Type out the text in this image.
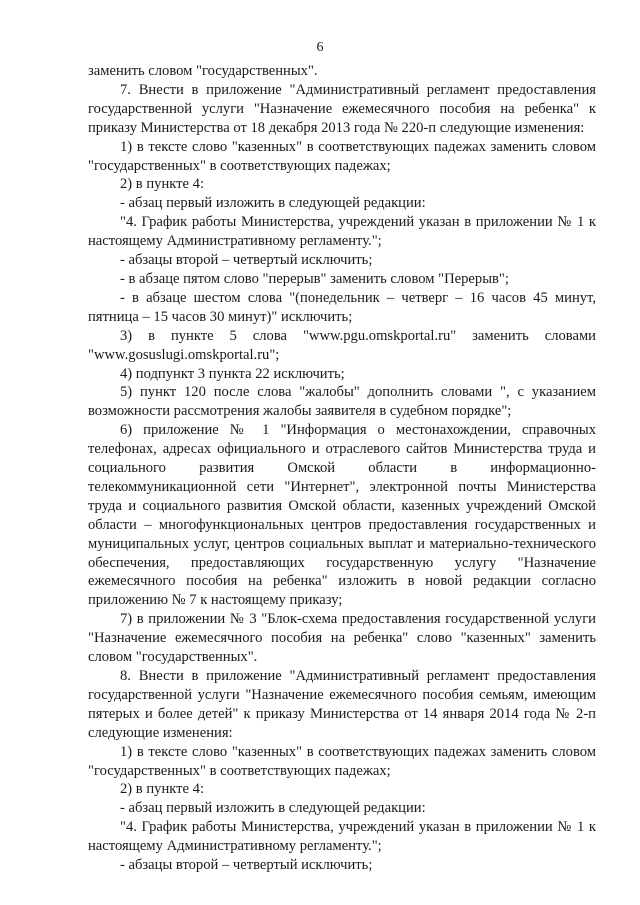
6

заменить словом "государственных".

7. Внести в приложение "Административный регламент предоставления государственной услуги "Назначение ежемесячного пособия на ребенка" к приказу Министерства от 18 декабря 2013 года № 220-п следующие изменения:

1) в тексте слово "казенных" в соответствующих падежах заменить словом "государственных" в соответствующих падежах;

2) в пункте 4:

- абзац первый изложить в следующей редакции:

"4. График работы Министерства, учреждений указан в приложении № 1 к настоящему Административному регламенту.";

- абзацы второй – четвертый исключить;

- в абзаце пятом слово "перерыв" заменить словом "Перерыв";

- в абзаце шестом слова "(понедельник – четверг – 16 часов 45 минут, пятница – 15 часов 30 минут)" исключить;

3) в пункте 5 слова "www.pgu.omskportal.ru" заменить словами "www.gosuslugi.omskportal.ru";

4) подпункт 3 пункта 22 исключить;

5) пункт 120 после слова "жалобы" дополнить словами ", с указанием возможности рассмотрения жалобы заявителя в судебном порядке";

6) приложение № 1 "Информация о местонахождении, справочных телефонах, адресах официального и отраслевого сайтов Министерства труда и социального развития Омской области в информационно-телекоммуникационной сети "Интернет", электронной почты Министерства труда и социального развития Омской области, казенных учреждений Омской области – многофункциональных центров предоставления государственных и муниципальных услуг, центров социальных выплат и материально-технического обеспечения, предоставляющих государственную услугу "Назначение ежемесячного пособия на ребенка" изложить в новой редакции согласно приложению № 7 к настоящему приказу;

7) в приложении № 3 "Блок-схема предоставления государственной услуги "Назначение ежемесячного пособия на ребенка" слово "казенных" заменить словом "государственных".

8. Внести в приложение "Административный регламент предоставления государственной услуги "Назначение ежемесячного пособия семьям, имеющим пятерых и более детей" к приказу Министерства от 14 января 2014 года № 2-п следующие изменения:

1) в тексте слово "казенных" в соответствующих падежах заменить словом "государственных" в соответствующих падежах;

2) в пункте 4:

- абзац первый изложить в следующей редакции:

"4. График работы Министерства, учреждений указан в приложении № 1 к настоящему Административному регламенту.";

- абзацы второй – четвертый исключить;
